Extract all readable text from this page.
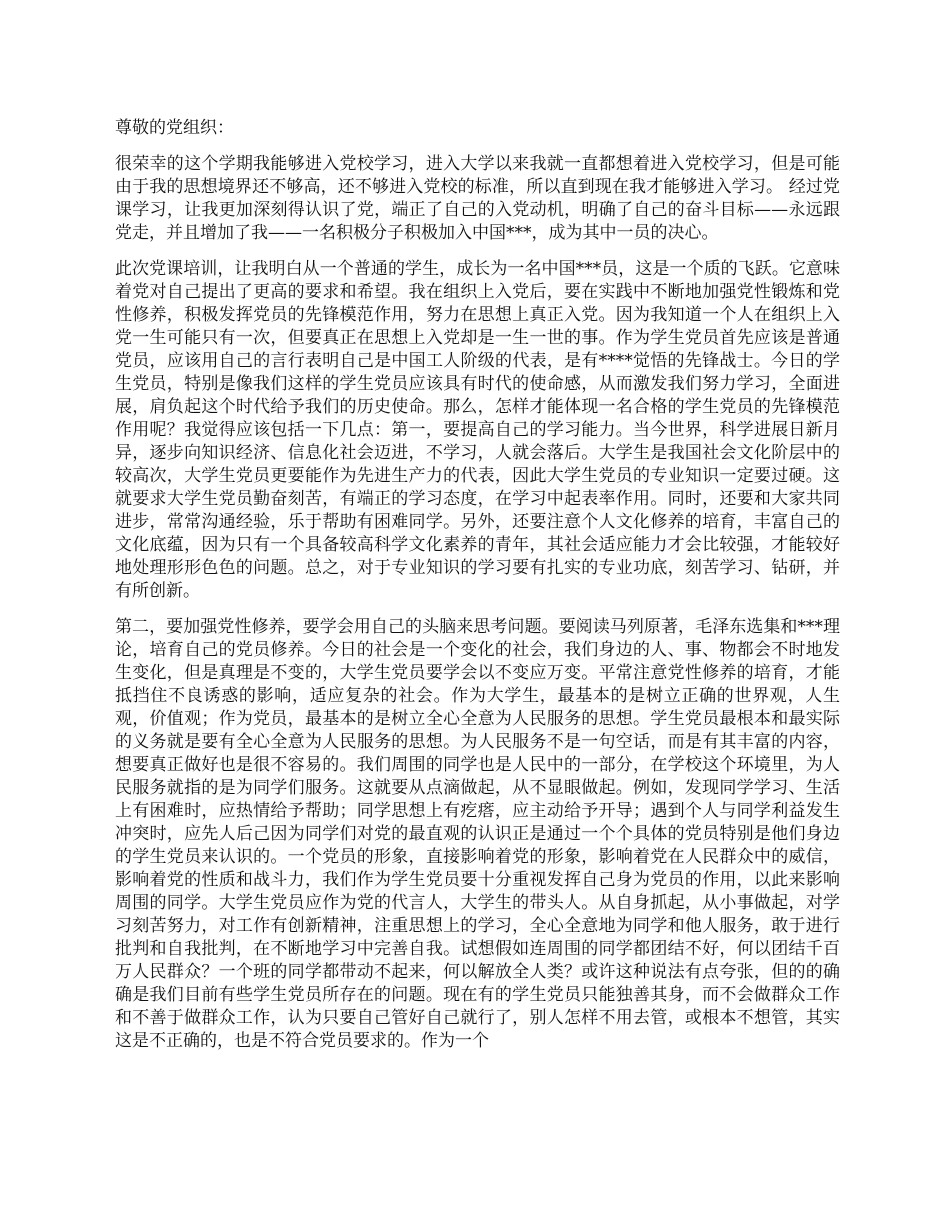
尊敬的党组织：

很荣幸的这个学期我能够进入党校学习，进入大学以来我就一直都想着进入党校学习，但是可能由于我的思想境界还不够高，还不够进入党校的标准，所以直到现在我才能够进入学习。 经过党课学习，让我更加深刻得认识了党，端正了自己的入党动机，明确了自己的奋斗目标——永远跟党走，并且增加了我——一名积极分子积极加入中国***，成为其中一员的决心。

此次党课培训，让我明白从一个普通的学生，成长为一名中国***员，这是一个质的飞跃。它意味着党对自己提出了更高的要求和希望。我在组织上入党后，要在实践中不断地加强党性锻炼和党性修养，积极发挥党员的先锋模范作用，努力在思想上真正入党。因为我知道一个人在组织上入党一生可能只有一次，但要真正在思想上入党却是一生一世的事。作为学生党员首先应该是普通党员，应该用自己的言行表明自己是中国工人阶级的代表，是有****觉悟的先锋战士。今日的学生党员，特别是像我们这样的学生党员应该具有时代的使命感，从而激发我们努力学习，全面进展，肩负起这个时代给予我们的历史使命。那么，怎样才能体现一名合格的学生党员的先锋模范作用呢？我觉得应该包括一下几点：第一，要提高自己的学习能力。当今世界，科学进展日新月异，逐步向知识经济、信息化社会迈进，不学习，人就会落后。大学生是我国社会文化阶层中的较高次，大学生党员更要能作为先进生产力的代表，因此大学生党员的专业知识一定要过硬。这就要求大学生党员勤奋刻苦，有端正的学习态度，在学习中起表率作用。同时，还要和大家共同进步，常常沟通经验，乐于帮助有困难同学。另外，还要注意个人文化修养的培育，丰富自己的文化底蕴，因为只有一个具备较高科学文化素养的青年，其社会适应能力才会比较强，才能较好地处理形形色色的问题。总之，对于专业知识的学习要有扎实的专业功底，刻苦学习、钻研，并有所创新。

第二，要加强党性修养，要学会用自己的头脑来思考问题。要阅读马列原著，毛泽东选集和***理论，培育自己的党员修养。今日的社会是一个变化的社会，我们身边的人、事、物都会不时地发生变化，但是真理是不变的，大学生党员要学会以不变应万变。平常注意党性修养的培育，才能抵挡住不良诱惑的影响，适应复杂的社会。作为大学生，最基本的是树立正确的世界观，人生观，价值观；作为党员，最基本的是树立全心全意为人民服务的思想。学生党员最根本和最实际的义务就是要有全心全意为人民服务的思想。为人民服务不是一句空话，而是有其丰富的内容，想要真正做好也是很不容易的。我们周围的同学也是人民中的一部分，在学校这个环境里，为人民服务就指的是为同学们服务。这就要从点滴做起，从不显眼做起。例如，发现同学学习、生活上有困难时，应热情给予帮助；同学思想上有疙瘩，应主动给予开导；遇到个人与同学利益发生冲突时，应先人后己因为同学们对党的最直观的认识正是通过一个个具体的党员特别是他们身边的学生党员来认识的。一个党员的形象，直接影响着党的形象，影响着党在人民群众中的威信，影响着党的性质和战斗力，我们作为学生党员要十分重视发挥自己身为党员的作用，以此来影响周围的同学。大学生党员应作为党的代言人，大学生的带头人。从自身抓起，从小事做起，对学习刻苦努力，对工作有创新精神，注重思想上的学习，全心全意地为同学和他人服务，敢于进行批判和自我批判，在不断地学习中完善自我。试想假如连周围的同学都团结不好，何以团结千百万人民群众？一个班的同学都带动不起来，何以解放全人类？或许这种说法有点夸张，但的的确确是我们目前有些学生党员所存在的问题。现在有的学生党员只能独善其身，而不会做群众工作和不善于做群众工作，认为只要自己管好自己就行了，别人怎样不用去管，或根本不想管，其实这是不正确的，也是不符合党员要求的。作为一个
